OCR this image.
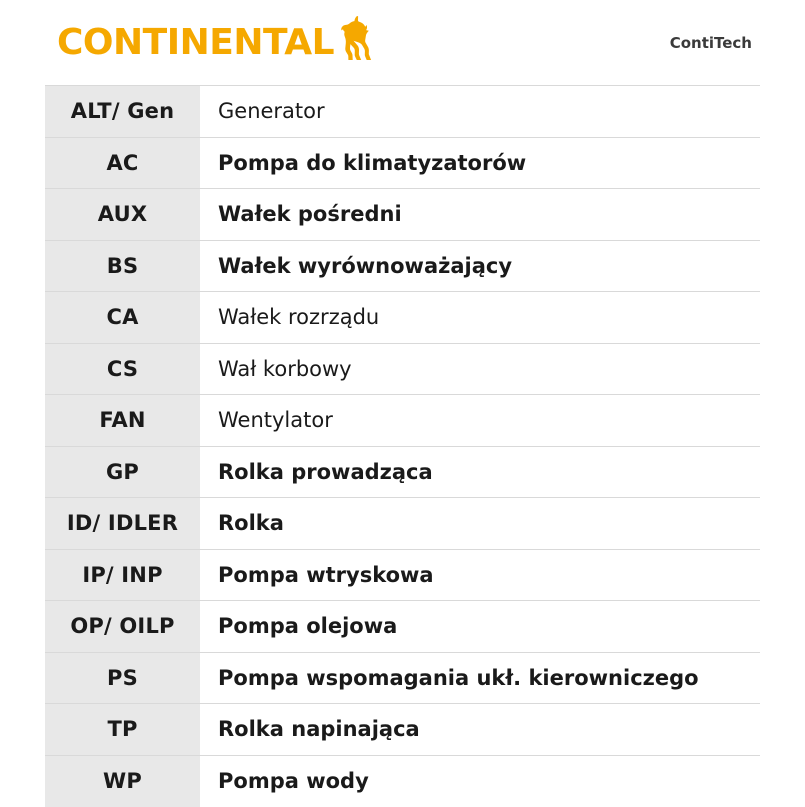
CONTINENTAL	ContiTech
ALT/ Gen	Generator
AC	Pompa do klimatyzatorów
AUX	Wałek pośredni
BS	Wałek wyrównoważający
CA	Wałek rozrządu
CS	Wał korbowy
FAN	Wentylator
GP	Rolka prowadząca
ID/ IDLER	Rolka
IP/ INP	Pompa wtryskowa
OP/ OILP	Pompa olejowa
PS	Pompa wspomagania ukł. kierowniczego
TP	Rolka napinająca
WP	Pompa wody
